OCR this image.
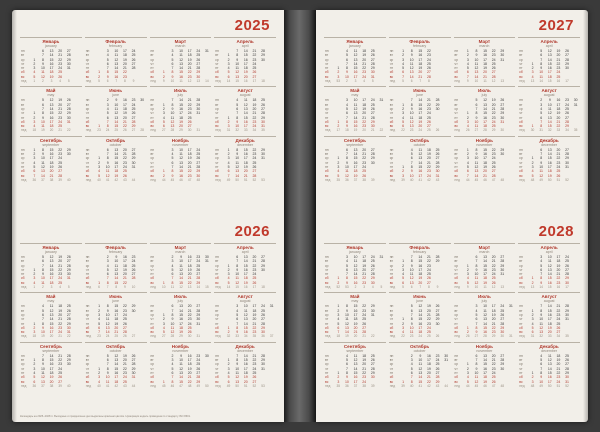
2025
Январь
january
пн		6	13	20	27	
вт		7	14	21	28	
ср	1	8	15	22	29	
чт	2	9	16	23	30	
пт	3	10	17	24	31	
сб	4	11	18	25		
вс	5	12	19	26		
нед	1	2	3	4	5	
Февраль
february
пн		3	10	17	24	
вт		4	11	18	25	
ср		5	12	19	26	
чт		6	13	20	27	
пт		7	14	21	28	
сб	1	8	15	22		
вс	2	9	16	23		
нед	5	6	7	8	9	
Март
march
пн		3	10	17	24	31
вт		4	11	18	25	
ср		5	12	19	26	
чт		6	13	20	27	
пт		7	14	21	28	
сб	1	8	15	22	29	
вс	2	9	16	23	30	
нед	9	10	11	12	13	14
Апрель
april
пн		7	14	21	28	
вт	1	8	15	22	29	
ср	2	9	16	23	30	
чт	3	10	17	24		
пт	4	11	18	25		
сб	5	12	19	26		
вс	6	13	20	27		
нед	14	15	16	17	18	
Май
may
пн		5	12	19	26	
вт		6	13	20	27	
ср		7	14	21	28	
чт	1	8	15	22	29	
пт	2	9	16	23	30	
сб	3	10	17	24	31	
вс	4	11	18	25		
нед	18	19	20	21	22	
Июнь
june
пн		2	9	16	23	30
вт		3	10	17	24	
ср		4	11	18	25	
чт		5	12	19	26	
пт		6	13	20	27	
сб		7	14	21	28	
вс	1	8	15	22	29	
нед	23	24	25	26	27	28
Июль
july
пн		7	14	21	28	
вт	1	8	15	22	29	
ср	2	9	16	23	30	
чт	3	10	17	24	31	
пт	4	11	18	25		
сб	5	12	19	26		
вс	6	13	20	27		
нед	27	28	29	30	31	
Август
august
пн		4	11	18	25	
вт		5	12	19	26	
ср		6	13	20	27	
чт		7	14	21	28	
пт	1	8	15	22	29	
сб	2	9	16	23	30	
вс	3	10	17	24	31	
нед	31	32	33	34	35	
Сентябрь
september
пн	1	8	15	22	29	
вт	2	9	16	23	30	
ср	3	10	17	24		
чт	4	11	18	25		
пт	5	12	19	26		
сб	6	13	20	27		
вс	7	14	21	28		
нед	36	37	38	39	40	
Октябрь
october
пн		6	13	20	27	
вт		7	14	21	28	
ср	1	8	15	22	29	
чт	2	9	16	23	30	
пт	3	10	17	24	31	
сб	4	11	18	25		
вс	5	12	19	26		
нед	40	41	42	43	44	
Ноябрь
november
пн		3	10	17	24	
вт		4	11	18	25	
ср		5	12	19	26	
чт		6	13	20	27	
пт		7	14	21	28	
сб	1	8	15	22	29	
вс	2	9	16	23	30	
нед	44	45	46	47	48	
Декабрь
december
пн	1	8	15	22	29	
вт	2	9	16	23	30	
ср	3	10	17	24	31	
чт	4	11	18	25		
пт	5	12	19	26		
сб	6	13	20	27		
вс	7	14	21	28		
нед	49	50	51	52	53	
2026
Январь
january
пн		5	12	19	26	
вт		6	13	20	27	
ср		7	14	21	28	
чт	1	8	15	22	29	
пт	2	9	16	23	30	
сб	3	10	17	24	31	
вс	4	11	18	25		
нед	1	2	3	4	5	
Февраль
february
пн		2	9	16	23	
вт		3	10	17	24	
ср		4	11	18	25	
чт		5	12	19	26	
пт		6	13	20	27	
сб		7	14	21	28	
вс	1	8	15	22		
нед	6	7	8	9	10	
Март
march
пн		2	9	16	23	30
вт		3	10	17	24	31
ср		4	11	18	25	
чт		5	12	19	26	
пт		6	13	20	27	
сб		7	14	21	28	
вс	1	8	15	22	29	
нед	10	11	12	13	14	15
Апрель
april
пн		6	13	20	27	
вт		7	14	21	28	
ср	1	8	15	22	29	
чт	2	9	16	23	30	
пт	3	10	17	24		
сб	4	11	18	25		
вс	5	12	19	26		
нед	14	15	16	17	18	
Май
may
пн		4	11	18	25	
вт		5	12	19	26	
ср		6	13	20	27	
чт		7	14	21	28	
пт	1	8	15	22	29	
сб	2	9	16	23	30	
вс	3	10	17	24	31	
нед	18	19	20	21	22	
Июнь
june
пн	1	8	15	22	29	
вт	2	9	16	23	30	
ср	3	10	17	24		
чт	4	11	18	25		
пт	5	12	19	26		
сб	6	13	20	27		
вс	7	14	21	28		
нед	23	24	25	26	27	
Июль
july
пн		6	13	20	27	
вт		7	14	21	28	
ср	1	8	15	22	29	
чт	2	9	16	23	30	
пт	3	10	17	24	31	
сб	4	11	18	25		
вс	5	12	19	26		
нед	27	28	29	30	31	
Август
august
пн		3	10	17	24	31
вт		4	11	18	25	
ср		5	12	19	26	
чт		6	13	20	27	
пт		7	14	21	28	
сб	1	8	15	22	29	
вс	2	9	16	23	30	
нед	32	33	34	35	36	37
Сентябрь
september
пн		7	14	21	28	
вт	1	8	15	22	29	
ср	2	9	16	23	30	
чт	3	10	17	24		
пт	4	11	18	25		
сб	5	12	19	26		
вс	6	13	20	27		
нед	36	37	38	39	40	
Октябрь
october
пн		5	12	19	26	
вт		6	13	20	27	
ср		7	14	21	28	
чт	1	8	15	22	29	
пт	2	9	16	23	30	
сб	3	10	17	24	31	
вс	4	11	18	25		
нед	40	41	42	43	44	
Ноябрь
november
пн		2	9	16	23	30
вт		3	10	17	24	
ср		4	11	18	25	
чт		5	12	19	26	
пт		6	13	20	27	
сб		7	14	21	28	
вс	1	8	15	22	29	
нед	45	46	47	48	49	50
Декабрь
december
пн		7	14	21	28	
вт	1	8	15	22	29	
ср	2	9	16	23	30	
чт	3	10	17	24	31	
пт	4	11	18	25		
сб	5	12	19	26		
вс	6	13	20	27		
нед	49	50	51	52	53	
Календарь на 2025–2028 гг. Выходные и праздничные дни выделены красным цветом. Нумерация недель приведена по стандарту ISO 8601.
2027
Январь
january
пн		4	11	18	25	
вт		5	12	19	26	
ср		6	13	20	27	
чт		7	14	21	28	
пт	1	8	15	22	29	
сб	2	9	16	23	30	
вс	3	10	17	24	31	
нед	53	2	3	4	5	
Февраль
february
пн	1	8	15	22		
вт	2	9	16	23		
ср	3	10	17	24		
чт	4	11	18	25		
пт	5	12	19	26		
сб	6	13	20	27		
вс	7	14	21	28		
нед	5	6	7	8		
Март
march
пн	1	8	15	22	29	
вт	2	9	16	23	30	
ср	3	10	17	24	31	
чт	4	11	18	25		
пт	5	12	19	26		
сб	6	13	20	27		
вс	7	14	21	28		
нед	9	10	11	12	13	
Апрель
april
пн		5	12	19	26	
вт		6	13	20	27	
ср		7	14	21	28	
чт	1	8	15	22	29	
пт	2	9	16	23	30	
сб	3	10	17	24		
вс	4	11	18	25		
нед	13	14	15	16	17	
Май
may
пн		3	10	17	24	31
вт		4	11	18	25	
ср		5	12	19	26	
чт		6	13	20	27	
пт		7	14	21	28	
сб	1	8	15	22	29	
вс	2	9	16	23	30	
нед	17	18	19	20	21	22
Июнь
june
пн		7	14	21	28	
вт	1	8	15	22	29	
ср	2	9	16	23	30	
чт	3	10	17	24		
пт	4	11	18	25		
сб	5	12	19	26		
вс	6	13	20	27		
нед	22	23	24	25	26	
Июль
july
пн		5	12	19	26	
вт		6	13	20	27	
ср		7	14	21	28	
чт	1	8	15	22	29	
пт	2	9	16	23	30	
сб	3	10	17	24	31	
вс	4	11	18	25		
нед	26	27	28	29	30	
Август
august
пн		2	9	16	23	30
вт		3	10	17	24	31
ср		4	11	18	25	
чт		5	12	19	26	
пт		6	13	20	27	
сб		7	14	21	28	
вс	1	8	15	22	29	
нед	30	31	32	33	34	35
Сентябрь
september
пн		6	13	20	27	
вт		7	14	21	28	
ср	1	8	15	22	29	
чт	2	9	16	23	30	
пт	3	10	17	24		
сб	4	11	18	25		
вс	5	12	19	26		
нед	35	36	37	38	39	
Октябрь
october
пн		4	11	18	25	
вт		5	12	19	26	
ср		6	13	20	27	
чт		7	14	21	28	
пт	1	8	15	22	29	
сб	2	9	16	23	30	
вс	3	10	17	24	31	
нед	39	40	41	42	43	
Ноябрь
november
пн	1	8	15	22	29	
вт	2	9	16	23	30	
ср	3	10	17	24		
чт	4	11	18	25		
пт	5	12	19	26		
сб	6	13	20	27		
вс	7	14	21	28		
нед	44	45	46	47	48	
Декабрь
december
пн		6	13	20	27	
вт		7	14	21	28	
ср	1	8	15	22	29	
чт	2	9	16	23	30	
пт	3	10	17	24	31	
сб	4	11	18	25		
вс	5	12	19	26		
нед	48	49	50	51	52	
2028
Январь
january
пн		3	10	17	24	31
вт		4	11	18	25	
ср		5	12	19	26	
чт		6	13	20	27	
пт		7	14	21	28	
сб	1	8	15	22	29	
вс	2	9	16	23	30	
нед	52	53	2	3	4	5
Февраль
february
пн		7	14	21	28	
вт	1	8	15	22	29	
ср	2	9	16	23		
чт	3	10	17	24		
пт	4	11	18	25		
сб	5	12	19	26		
вс	6	13	20	27		
нед	5	6	7	8	9	
Март
march
пн		6	13	20	27	
вт		7	14	21	28	
ср	1	8	15	22	29	
чт	2	9	16	23	30	
пт	3	10	17	24	31	
сб	4	11	18	25		
вс	5	12	19	26		
нед	9	10	11	12	13	
Апрель
april
пн		3	10	17	24	
вт		4	11	18	25	
ср		5	12	19	26	
чт		6	13	20	27	
пт		7	14	21	28	
сб	1	8	15	22	29	
вс	2	9	16	23	30	
нед	13	14	15	16	17	
Май
may
пн	1	8	15	22	29	
вт	2	9	16	23	30	
ср	3	10	17	24	31	
чт	4	11	18	25		
пт	5	12	19	26		
сб	6	13	20	27		
вс	7	14	21	28		
нед	18	19	20	21	22	
Июнь
june
пн		5	12	19	26	
вт		6	13	20	27	
ср		7	14	21	28	
чт	1	8	15	22	29	
пт	2	9	16	23	30	
сб	3	10	17	24		
вс	4	11	18	25		
нед	22	23	24	25	26	
Июль
july
пн		3	10	17	24	31
вт		4	11	18	25	
ср		5	12	19	26	
чт		6	13	20	27	
пт		7	14	21	28	
сб	1	8	15	22	29	
вс	2	9	16	23	30	
нед	26	27	28	29	30	31
Август
august
пн		7	14	21	28	
вт	1	8	15	22	29	
ср	2	9	16	23	30	
чт	3	10	17	24	31	
пт	4	11	18	25		
сб	5	12	19	26		
вс	6	13	20	27		
нед	31	32	33	34	35	
Сентябрь
september
пн		4	11	18	25	
вт		5	12	19	26	
ср		6	13	20	27	
чт		7	14	21	28	
пт	1	8	15	22	29	
сб	2	9	16	23	30	
вс	3	10	17	24		
нед	35	36	37	38	39	
Октябрь
october
пн		2	9	16	23	30
вт		3	10	17	24	31
ср		4	11	18	25	
чт		5	12	19	26	
пт		6	13	20	27	
сб		7	14	21	28	
вс	1	8	15	22	29	
нед	39	40	41	42	43	44
Ноябрь
november
пн		6	13	20	27	
вт		7	14	21	28	
ср	1	8	15	22	29	
чт	2	9	16	23	30	
пт	3	10	17	24		
сб	4	11	18	25		
вс	5	12	19	26		
нед	44	45	46	47	48	
Декабрь
december
пн		4	11	18	25	
вт		5	12	19	26	
ср		6	13	20	27	
чт		7	14	21	28	
пт	1	8	15	22	29	
сб	2	9	16	23	30	
вс	3	10	17	24	31	
нед	48	49	50	51	52	
